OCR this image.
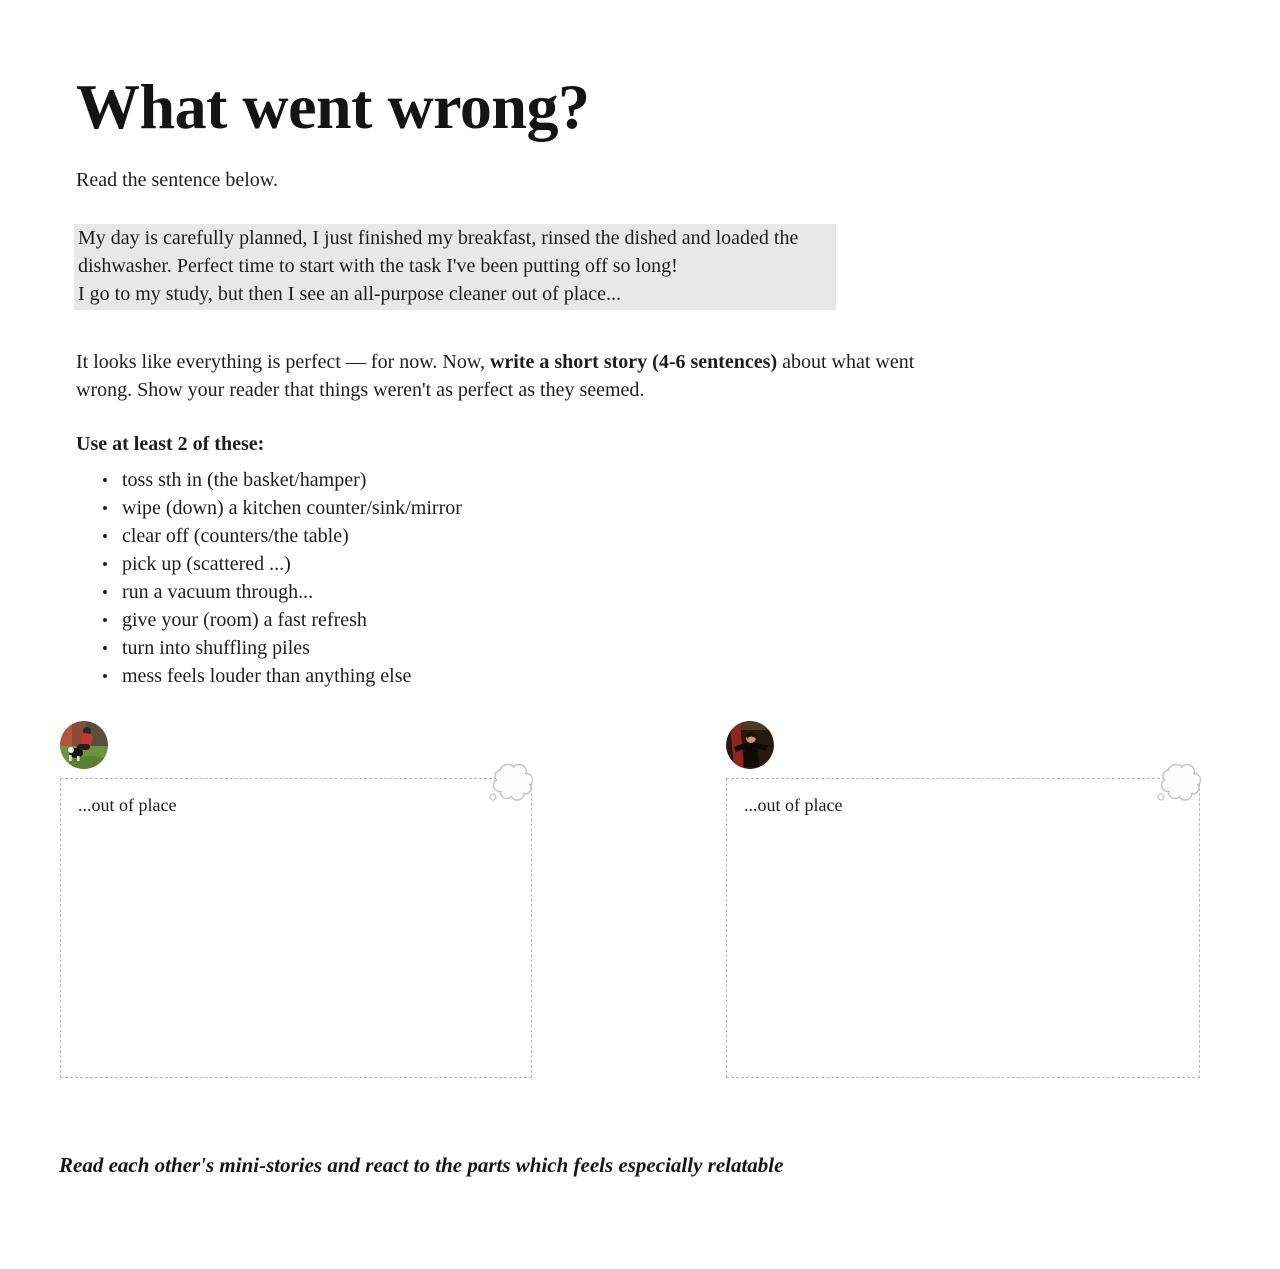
What went wrong?

Read the sentence below.

My day is carefully planned, I just finished my breakfast, rinsed the dished and loaded the dishwasher. Perfect time to start with the task I've been putting off so long!

I go to my study, but then I see an all-purpose cleaner out of place...

It looks like everything is perfect — for now. Now, write a short story (4-6 sentences) about what went wrong. Show your reader that things weren't as perfect as they seemed.

Use at least 2 of these:

toss sth in (the basket/hamper)
wipe (down) a kitchen counter/sink/mirror
clear off (counters/the table)
pick up (scattered ...)
run a vacuum through...
give your (room) a fast refresh
turn into shuffling piles
mess feels louder than anything else
...out of place	...out of place

Read each other's mini-stories and react to the parts which feels especially relatable
